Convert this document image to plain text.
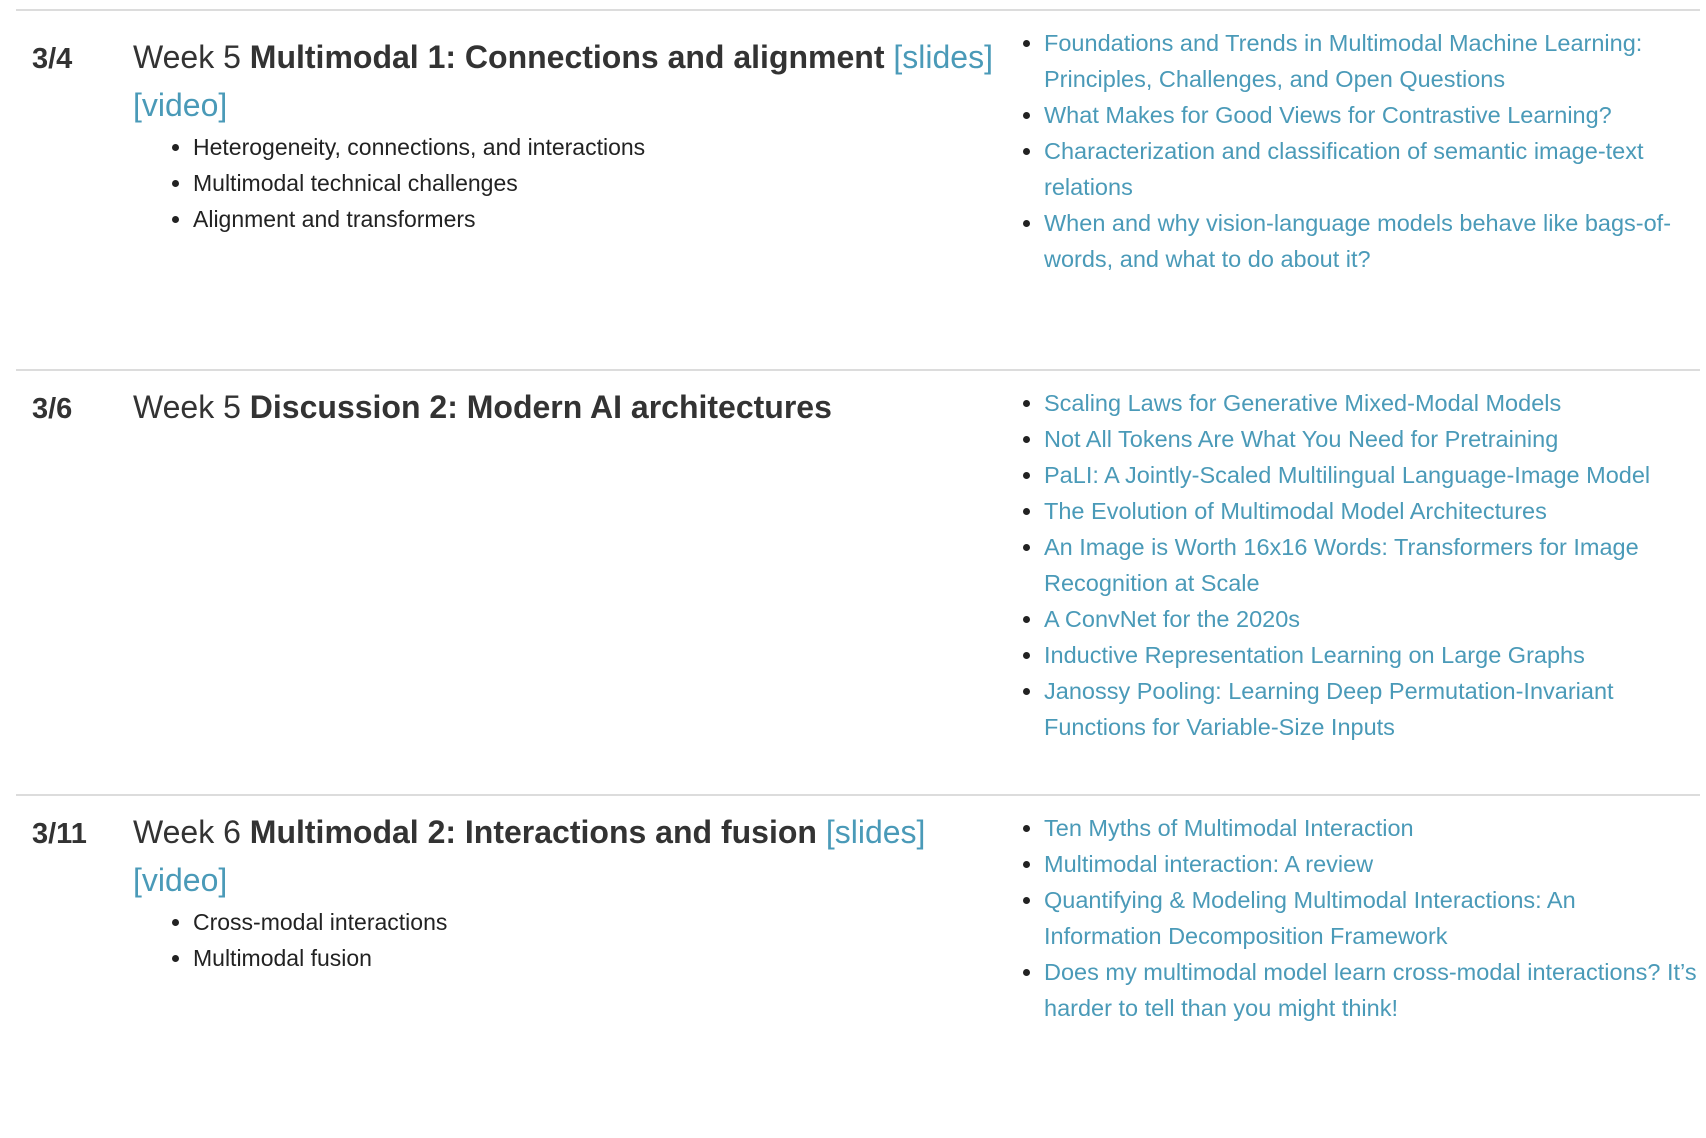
3/4 Week 5 Multimodal 1: Connections and alignment [slides]
[video]

• Heterogeneity, connections, and interactions
• Multimodal technical challenges
• Alignment and transformers
• Foundations and Trends in Multimodal Machine Learning: Principles, Challenges, and Open Questions
• What Makes for Good Views for Contrastive Learning?
• Characterization and classification of semantic image-text relations
• When and why vision-language models behave like bags-of-words, and what to do about it?
3/6 Week 5 Discussion 2: Modern AI architectures

•	Scaling Laws for Generative Mixed-Modal Models
• Not All Tokens Are What You Need for Pretraining
• PaLI: A Jointly-Scaled Multilingual Language-Image Model
• The Evolution of Multimodal Model Architectures
• An Image is Worth 16x16 Words: Transformers for Image Recognition at Scale
• A ConvNet for the 2020s
• Inductive Representation Learning on Large Graphs
• Janossy Pooling: Learning Deep Permutation-Invariant Functions for Variable-Size Inputs
3/11 Week 6 Multimodal 2: Interactions and fusion [slides]
[video]

• Cross-modal interactions
• Multimodal fusion
• Ten Myths of Multimodal Interaction
• Multimodal interaction: A review
• Quantifying & Modeling Multimodal Interactions: An Information Decomposition Framework
• Does my multimodal model learn cross-modal interactions? It’s harder to tell than you might think!
